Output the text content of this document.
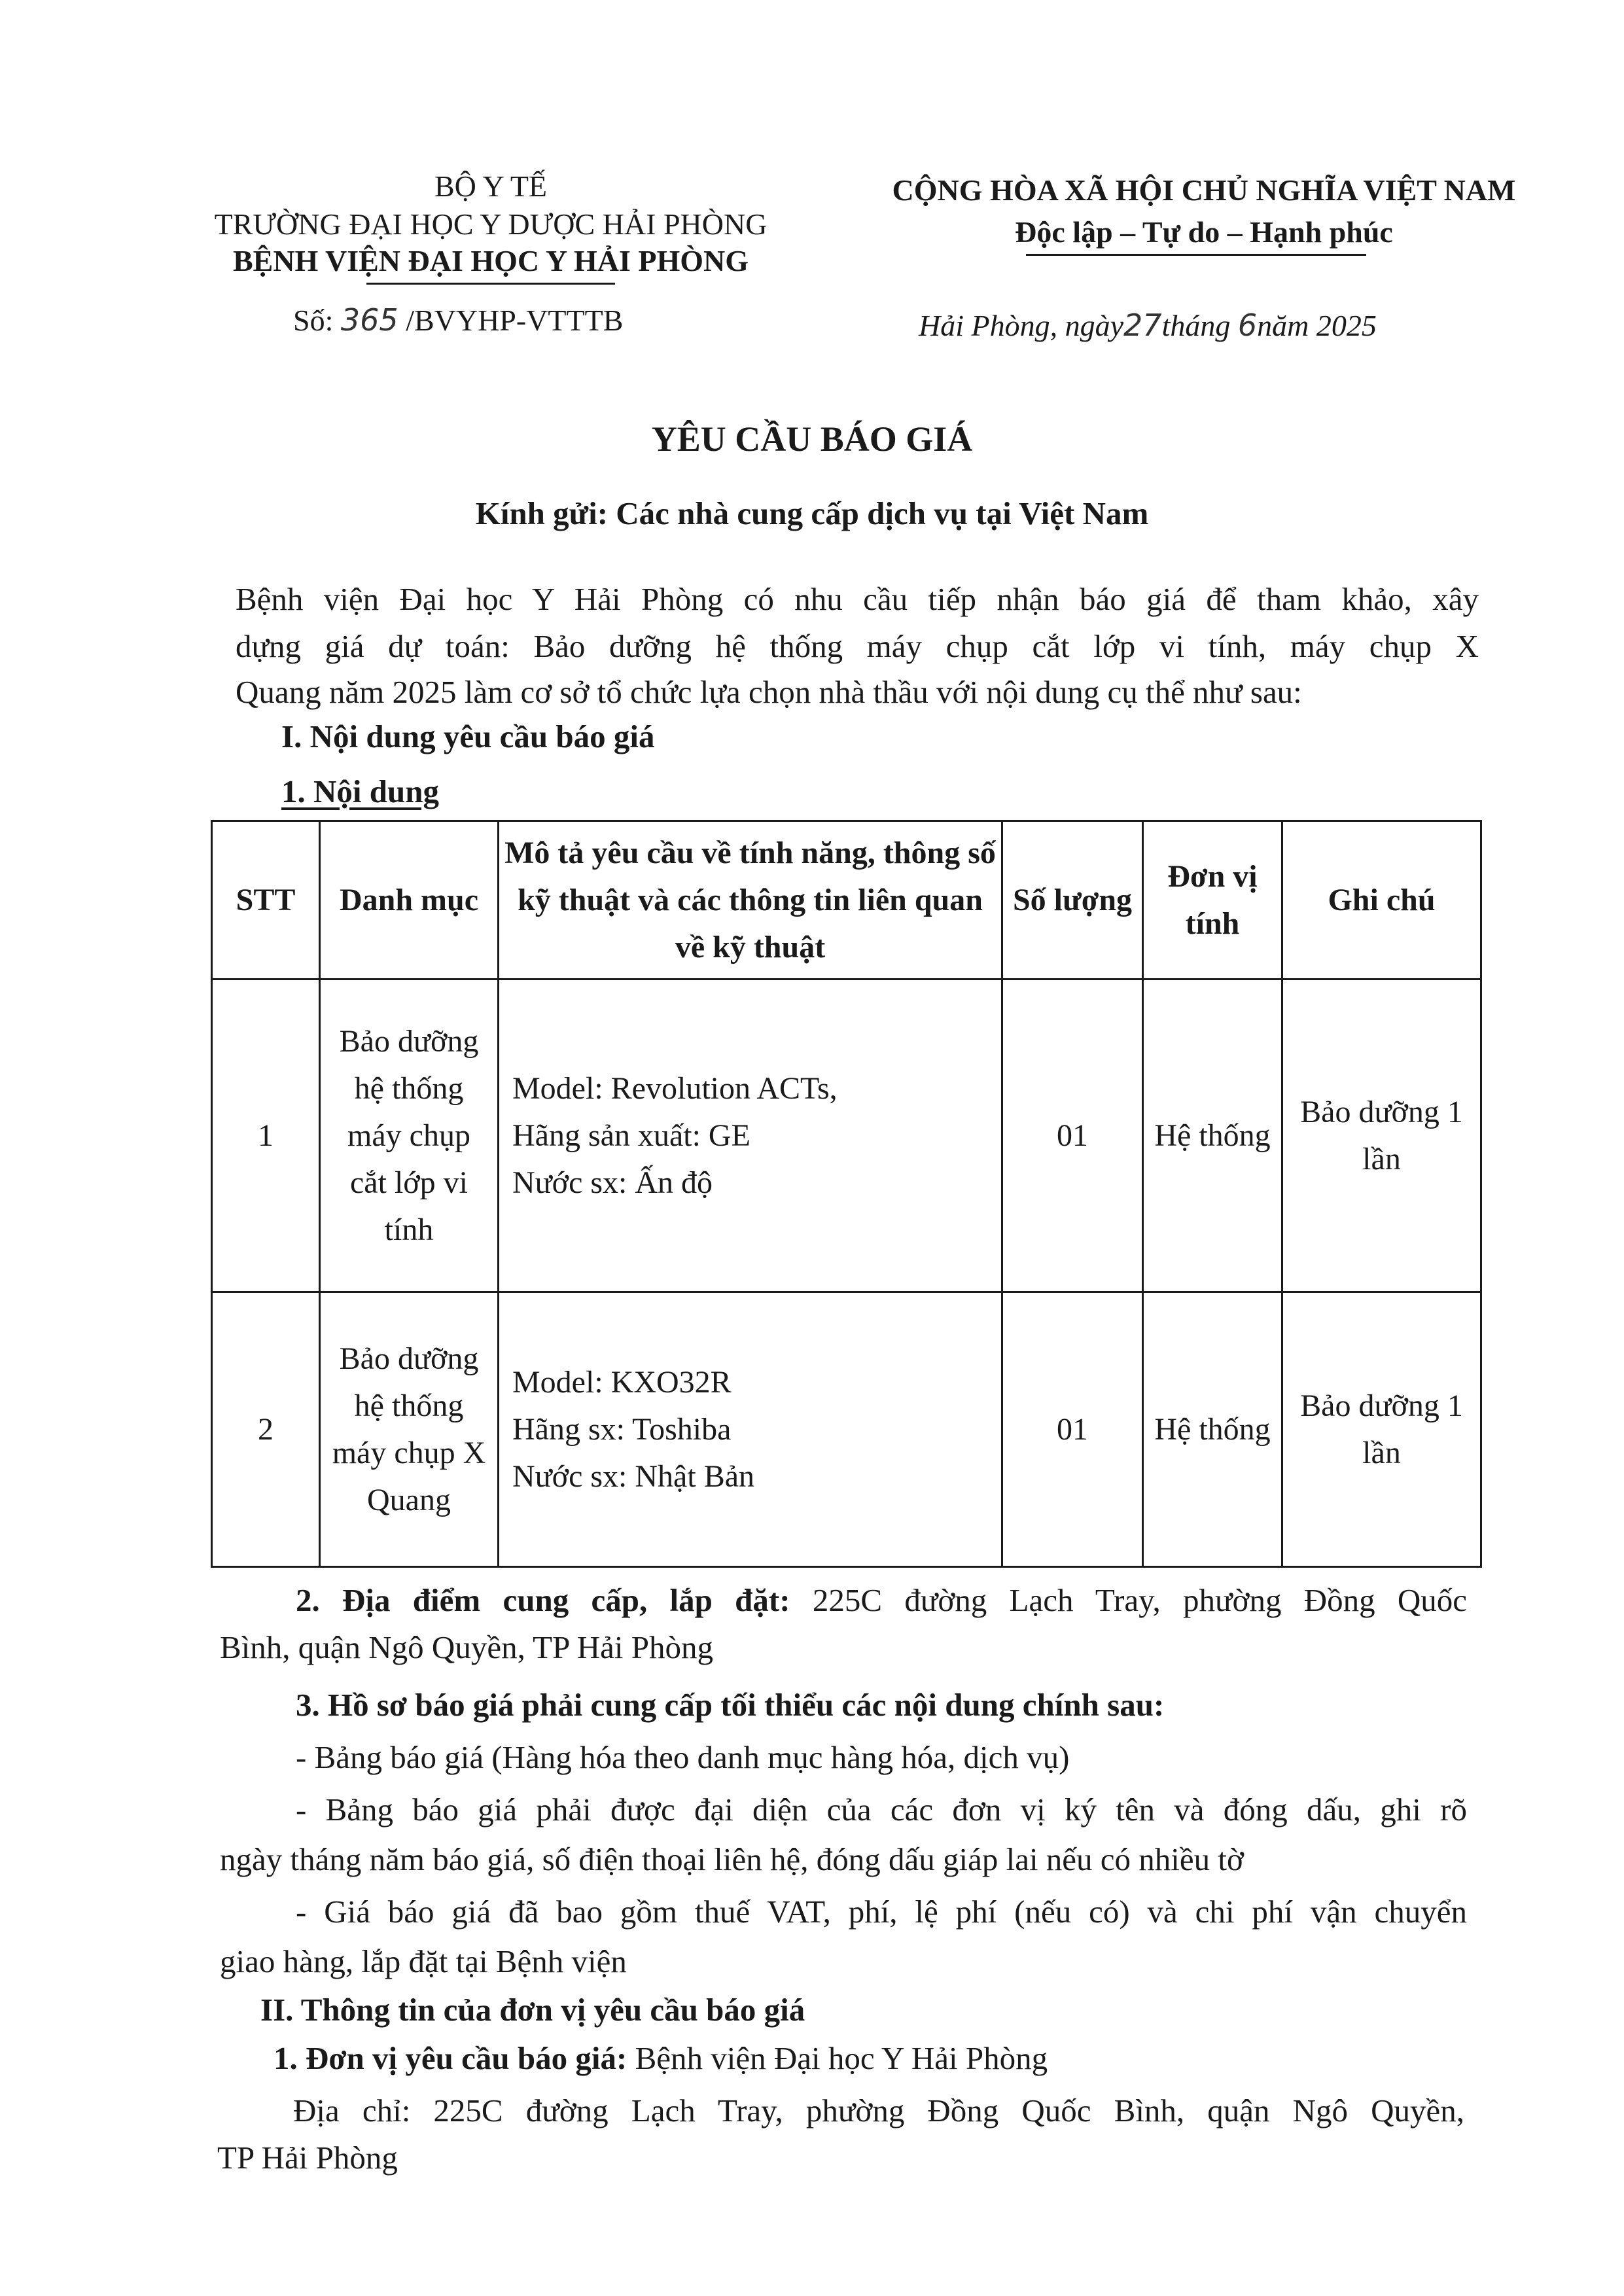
BỘ Y TẾ
TRƯỜNG ĐẠI HỌC Y DƯỢC HẢI PHÒNG
BỆNH VIỆN ĐẠI HỌC Y HẢI PHÒNG
Số: 365 /BVYHP-VTTTB
CỘNG HÒA XÃ HỘI CHỦ NGHĨA VIỆT NAM
Độc lập – Tự do – Hạnh phúc
Hải Phòng, ngày27tháng 6năm 2025
YÊU CẦU BÁO GIÁ
Kính gửi: Các nhà cung cấp dịch vụ tại Việt Nam
Bệnh viện Đại học Y Hải Phòng có nhu cầu tiếp nhận báo giá để tham khảo, xây
dựng giá dự toán: Bảo dưỡng hệ thống máy chụp cắt lớp vi tính, máy chụp X
Quang năm 2025 làm cơ sở tổ chức lựa chọn nhà thầu với nội dung cụ thể như sau:
I. Nội dung yêu cầu báo giá
1. Nội dung
STT	Danh mục	Mô tả yêu cầu về tính năng, thông số kỹ thuật và các thông tin liên quan về kỹ thuật	Số lượng	Đơn vị tính	Ghi chú
1	Bảo dưỡng hệ thống máy chụp cắt lớp vi tính	Model: Revolution ACTs,
Hãng sản xuất: GE
Nước sx: Ấn độ	01	Hệ thống	Bảo dưỡng 1 lần
2	Bảo dưỡng hệ thống máy chụp X Quang	Model: KXO32R
Hãng sx: Toshiba
Nước sx: Nhật Bản	01	Hệ thống	Bảo dưỡng 1 lần
2. Địa điểm cung cấp, lắp đặt: 225C đường Lạch Tray, phường Đồng Quốc
Bình, quận Ngô Quyền, TP Hải Phòng
3. Hồ sơ báo giá phải cung cấp tối thiểu các nội dung chính sau:
- Bảng báo giá (Hàng hóa theo danh mục hàng hóa, dịch vụ)
- Bảng báo giá phải được đại diện của các đơn vị ký tên và đóng dấu, ghi rõ
ngày tháng năm báo giá, số điện thoại liên hệ, đóng dấu giáp lai nếu có nhiều tờ
- Giá báo giá đã bao gồm thuế VAT, phí, lệ phí (nếu có) và chi phí vận chuyển
giao hàng, lắp đặt tại Bệnh viện
II. Thông tin của đơn vị yêu cầu báo giá
1. Đơn vị yêu cầu báo giá: Bệnh viện Đại học Y Hải Phòng
Địa chỉ: 225C đường Lạch Tray, phường Đồng Quốc Bình, quận Ngô Quyền,
TP Hải Phòng
